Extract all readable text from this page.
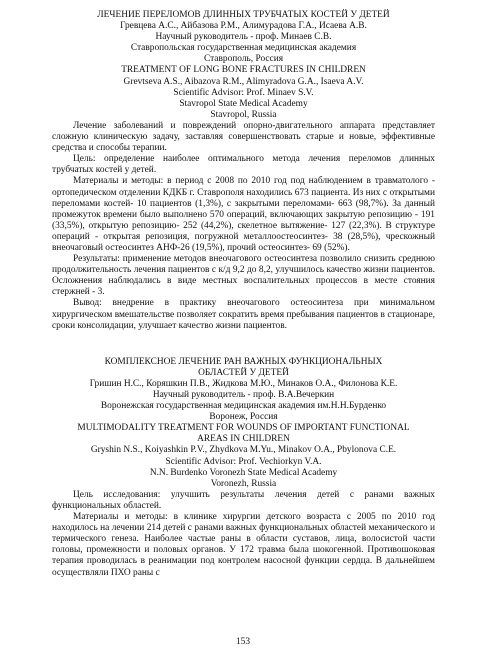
ЛЕЧЕНИЕ ПЕРЕЛОМОВ ДЛИННЫХ ТРУБЧАТЫХ КОСТЕЙ У ДЕТЕЙ
Гревцева А.С., Айбазова Р.М., Алимурадова Г.А., Исаева А.В.
Научный руководитель - проф. Минаев С.В.
Ставропольская государственная медицинская академия
Ставрополь, Россия
TREATMENT OF LONG BONE FRACTURES IN CHILDREN
Grevtseva A.S., Aibazova R.M., Alimyradova G.A., Isaeva A.V.
Scientific Advisor: Prof. Minaev S.V.
Stavropol State Medical Academy
Stavropol, Russia
Лечение заболеваний и повреждений опорно-двигательного аппарата представляет сложную клиническую задачу, заставляя совершенствовать старые и новые, эффективные средства и способы терапии.
Цель: определение наиболее оптимального метода лечения переломов длинных трубчатых костей у детей.
Материалы и методы: в период с 2008 по 2010 год под наблюдением в травматолого - ортопедическом отделении КДКБ г. Ставрополя находились 673 пациента. Из них с открытыми переломами костей- 10 пациентов (1,3%), с закрытыми переломами- 663 (98,7%). За данный промежуток времени было выполнено 570 операций, включающих закрытую репозицию - 191 (33,5%), открытую репозицию- 252 (44,2%), скелетное вытяжение- 127 (22,3%). В структуре операций - открытая репозиция, погружной металлоостеосинтез- 38 (28,5%), чрескожный внеочаговый остеосинтез АНФ-26 (19,5%), прочий остеосинтез- 69 (52%).
Результаты: применение методов внеочагового остеосинтеза позволило снизить среднюю продолжительность лечения пациентов с к/д 9,2 до 8,2, улучшилось качество жизни пациентов. Осложнения наблюдались в виде местных воспалительных процессов в месте стояния стержней - 3.
Вывод: внедрение в практику внеочагового остеосинтеза при минимальном хирургическом вмешательстве позволяет сократить время пребывания пациентов в стационаре, сроки консолидации, улучшает качество жизни пациентов.
КОМПЛЕКСНОЕ ЛЕЧЕНИЕ РАН ВАЖНЫХ ФУНКЦИОНАЛЬНЫХ
ОБЛАСТЕЙ У ДЕТЕЙ
Гришин Н.С., Коряшкин П.В., Жидкова М.Ю., Минаков О.А., Филонова К.Е.
Научный руководитель - проф. В.А.Вечеркин
Воронежская государственная медицинская академия им.Н.Н.Бурденко
Воронеж, Россия
MULTIMODALITY TREATMENT FOR WOUNDS OF IMPORTANT FUNCTIONAL
AREAS IN CHILDREN
Gryshin N.S., Koiyashkin P.V., Zhydkova M.Yu., Minakov O.A., Pbylonova C.E.
Scientific Advisor: Prof. Vechiorkyn V.A.
N.N. Burdenko Voronezh State Medical Academy
Voronezh, Russia
Цель исследования: улучшить результаты лечения детей с ранами важных функциональных областей.
Материалы и методы: в клинике хирургии детского возраста с 2005 по 2010 год находилось на лечении 214 детей с ранами важных функциональных областей механического и термического генеза. Наиболее частые раны в области суставов, лица, волосистой части головы, промежности и половых органов. У 172 травма была шокогенной. Противошоковая терапия проводилась в реанимации под контролем насосной функции сердца. В дальнейшем осуществляли ПХО раны с
153
